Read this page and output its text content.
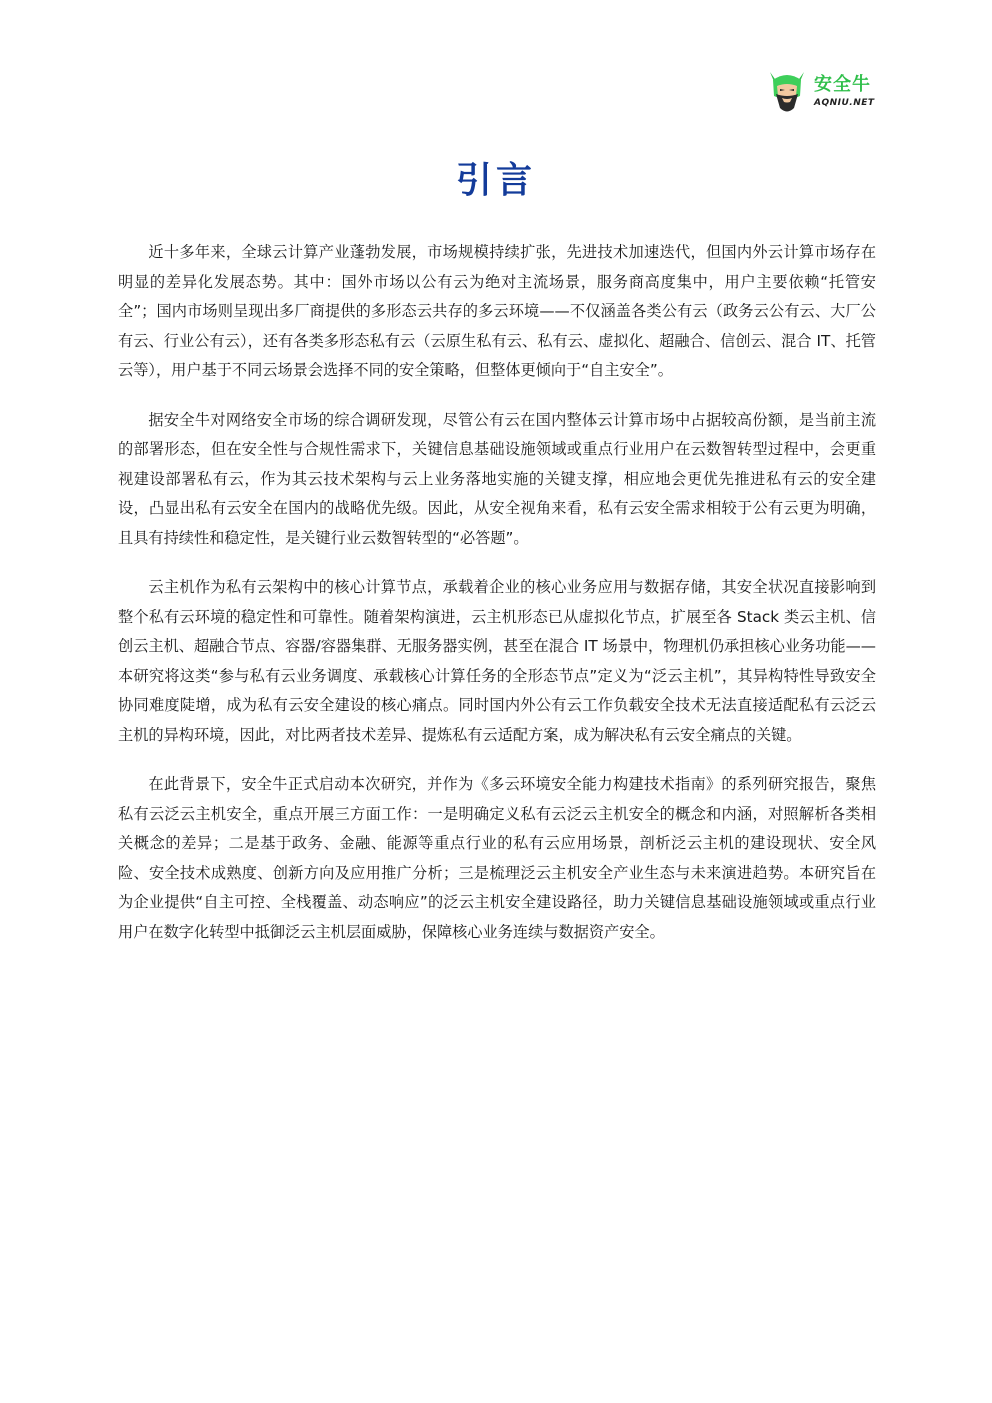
安全牛
AQNIU.NET
引言

近十多年来，全球云计算产业蓬勃发展，市场规模持续扩张，先进技术加速迭代，但国内外云计算市场存在明显的差异化发展态势。其中：国外市场以公有云为绝对主流场景，服务商高度集中，用户主要依赖“托管安全”；国内市场则呈现出多厂商提供的多形态云共存的多云环境——不仅涵盖各类公有云（政务云公有云、大厂公有云、行业公有云），还有各类多形态私有云（云原生私有云、私有云、虚拟化、超融合、信创云、混合 IT、托管云等），用户基于不同云场景会选择不同的安全策略，但整体更倾向于“自主安全”。

据安全牛对网络安全市场的综合调研发现，尽管公有云在国内整体云计算市场中占据较高份额，是当前主流的部署形态，但在安全性与合规性需求下，关键信息基础设施领域或重点行业用户在云数智转型过程中，会更重视建设部署私有云，作为其云技术架构与云上业务落地实施的关键支撑，相应地会更优先推进私有云的安全建设，凸显出私有云安全在国内的战略优先级。因此，从安全视角来看，私有云安全需求相较于公有云更为明确，且具有持续性和稳定性，是关键行业云数智转型的“必答题”。

云主机作为私有云架构中的核心计算节点，承载着企业的核心业务应用与数据存储，其安全状况直接影响到整个私有云环境的稳定性和可靠性。随着架构演进，云主机形态已从虚拟化节点，扩展至各 Stack 类云主机、信创云主机、超融合节点、容器/容器集群、无服务器实例，甚至在混合 IT 场景中，物理机仍承担核心业务功能——本研究将这类“参与私有云业务调度、承载核心计算任务的全形态节点”定义为“泛云主机”，其异构特性导致安全协同难度陡增，成为私有云安全建设的核心痛点。同时国内外公有云工作负载安全技术无法直接适配私有云泛云主机的异构环境，因此，对比两者技术差异、提炼私有云适配方案，成为解决私有云安全痛点的关键。

在此背景下，安全牛正式启动本次研究，并作为《多云环境安全能力构建技术指南》的系列研究报告，聚焦私有云泛云主机安全，重点开展三方面工作：一是明确定义私有云泛云主机安全的概念和内涵，对照解析各类相关概念的差异；二是基于政务、金融、能源等重点行业的私有云应用场景，剖析泛云主机的建设现状、安全风险、安全技术成熟度、创新方向及应用推广分析；三是梳理泛云主机安全产业生态与未来演进趋势。本研究旨在为企业提供“自主可控、全栈覆盖、动态响应”的泛云主机安全建设路径，助力关键信息基础设施领域或重点行业用户在数字化转型中抵御泛云主机层面威胁，保障核心业务连续与数据资产安全。
